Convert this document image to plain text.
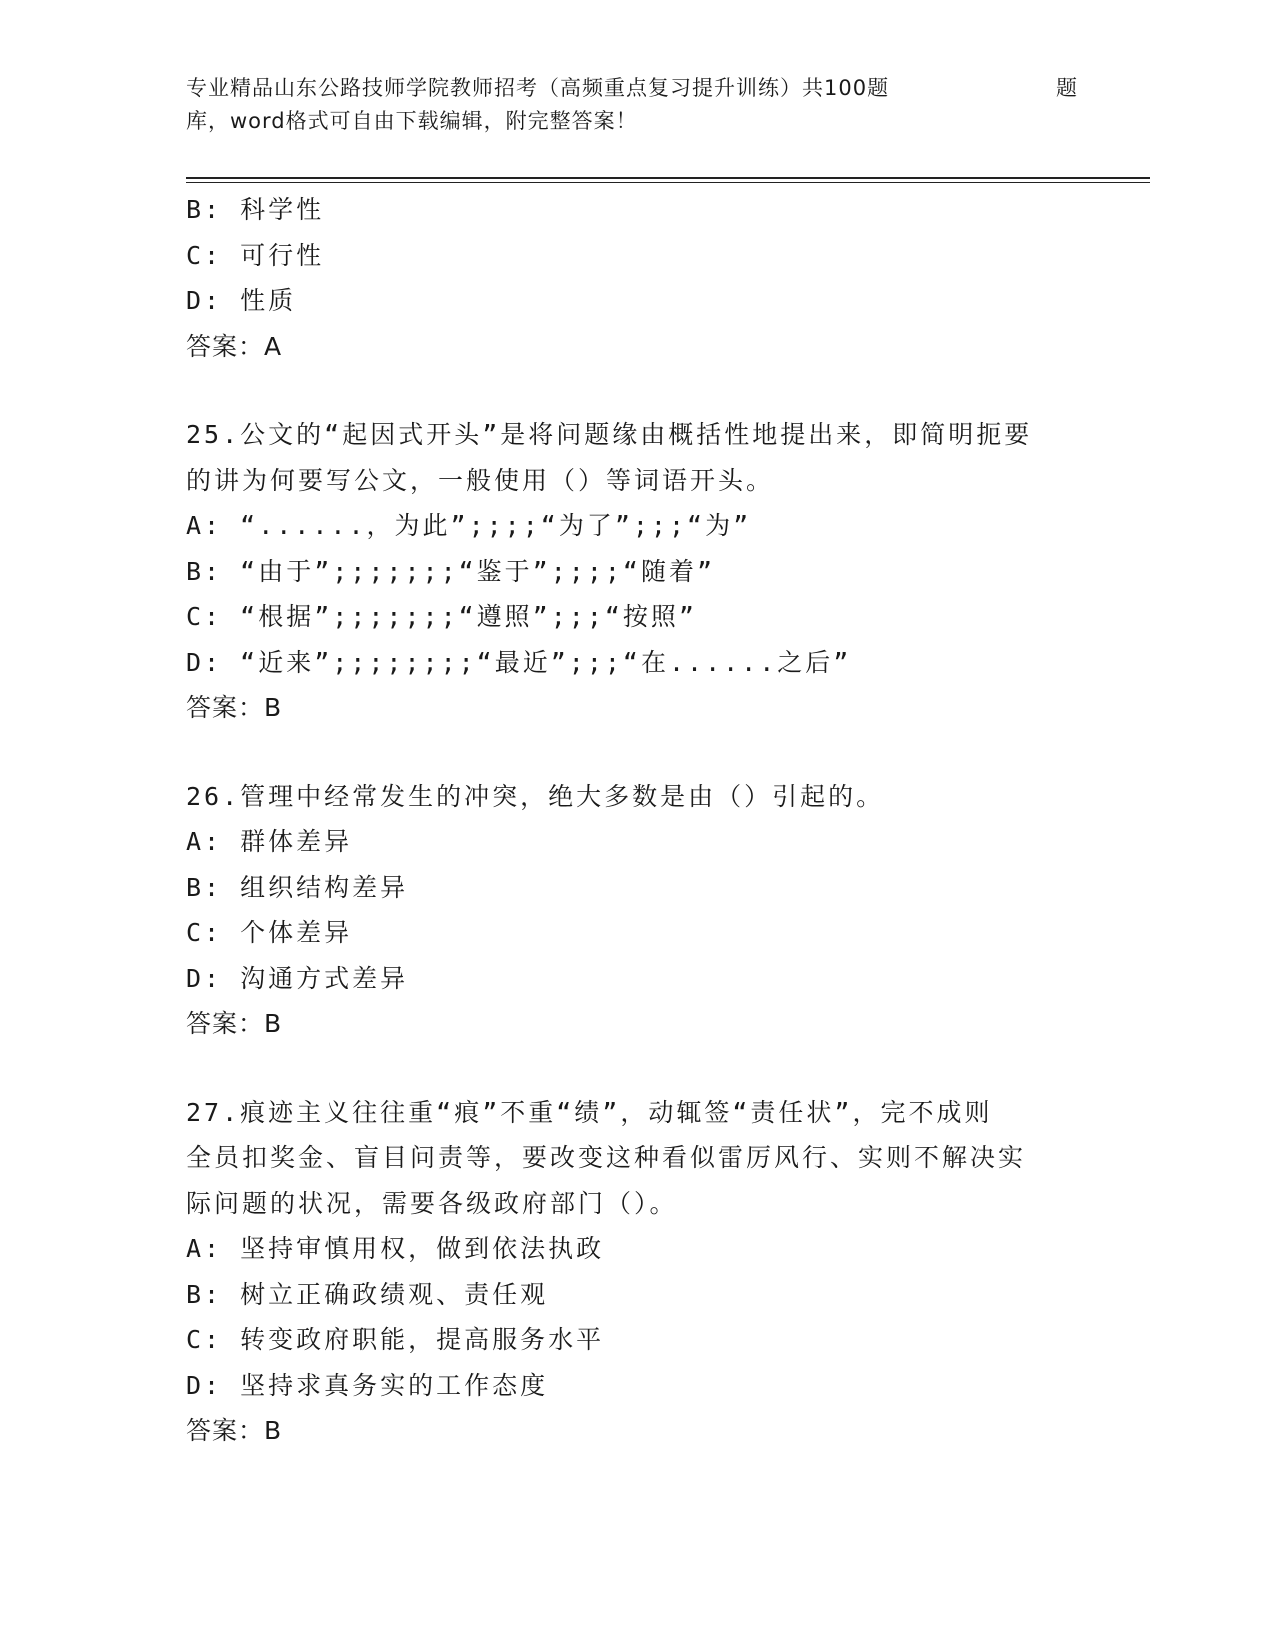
专业精品山东公路技师学院教师招考（高频重点复习提升训练）共100题	题
库，word格式可自由下载编辑，附完整答案！
B: 科学性
C: 可行性
D: 性质
答案：A
25.公文的“起因式开头”是将问题缘由概括性地提出来，即简明扼要
的讲为何要写公文，一般使用（）等词语开头。
A: “......，为此”;;;;“为了”;;;“为”
B: “由于”;;;;;;;“鉴于”;;;;“随着”
C: “根据”;;;;;;;“遵照”;;;“按照”
D: “近来”;;;;;;;;“最近”;;;“在......之后”
答案：B
26.管理中经常发生的冲突，绝大多数是由（）引起的。
A: 群体差异
B: 组织结构差异
C: 个体差异
D: 沟通方式差异
答案：B
27.痕迹主义往往重“痕”不重“绩”，动辄签“责任状”，完不成则
全员扣奖金、盲目问责等，要改变这种看似雷厉风行、实则不解决实
际问题的状况，需要各级政府部门（）。
A: 坚持审慎用权，做到依法执政
B: 树立正确政绩观、责任观
C: 转变政府职能，提高服务水平
D: 坚持求真务实的工作态度
答案：B
